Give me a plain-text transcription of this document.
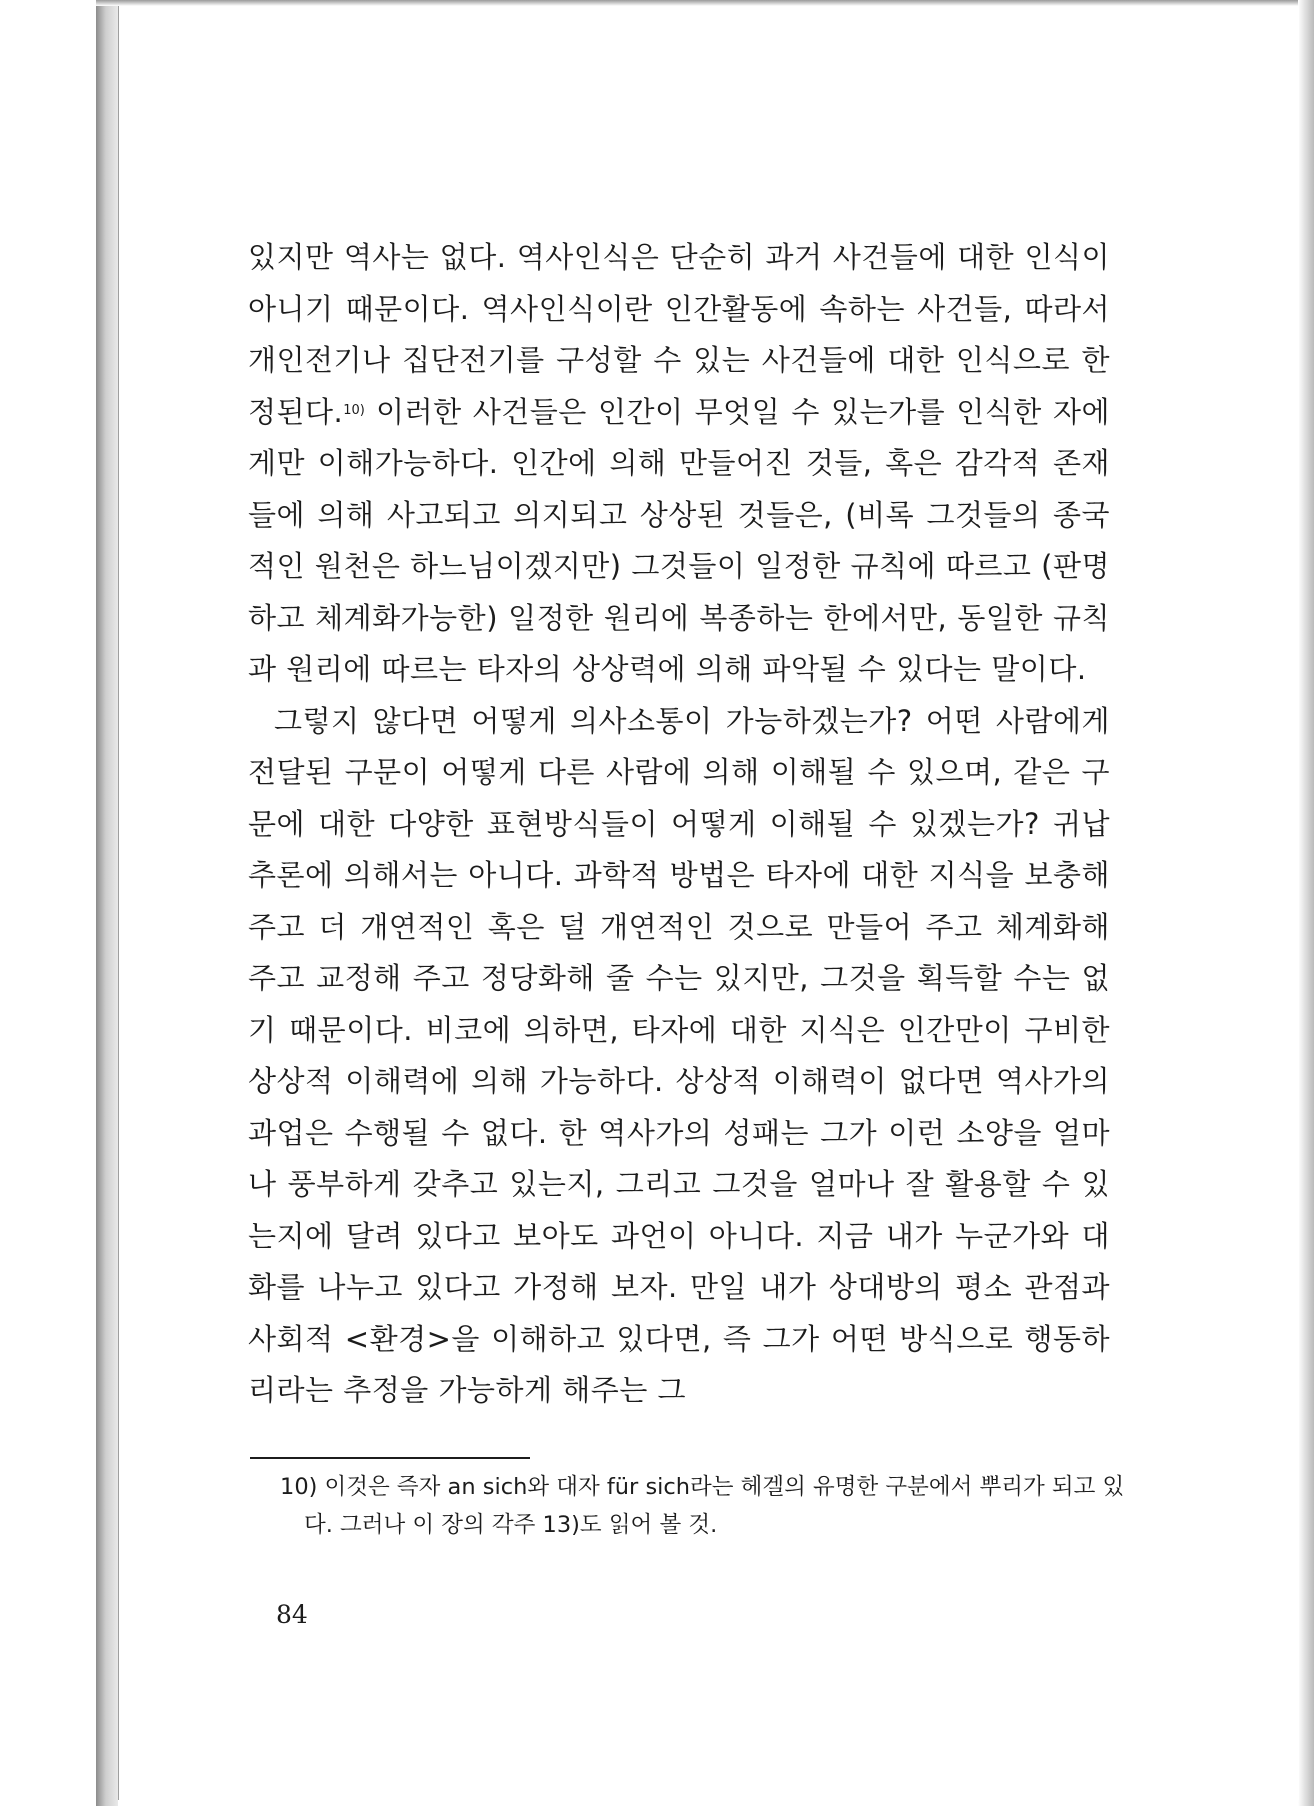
있지만 역사는 없다. 역사인식은 단순히 과거 사건들에 대한 인식이 아니기 때문이다. 역사인식이란 인간활동에 속하는 사건들, 따라서 개인전기나 집단전기를 구성할 수 있는 사건들에 대한 인식으로 한정된다.$^{10)}$ 이러한 사건들은 인간이 무엇일 수 있는가를 인식한 자에게만 이해가능하다. 인간에 의해 만들어진 것들, 혹은 감각적 존재들에 의해 사고되고 의지되고 상상된 것들은, (비록 그것들의 종국적인 원천은 하느님이겠지만) 그것들이 일정한 규칙에 따르고 (판명하고 체계화가능한) 일정한 원리에 복종하는 한에서만, 동일한 규칙과 원리에 따르는 타자의 상상력에 의해 파악될 수 있다는 말이다.

그렇지 않다면 어떻게 의사소통이 가능하겠는가? 어떤 사람에게 전달된 구문이 어떻게 다른 사람에 의해 이해될 수 있으며, 같은 구문에 대한 다양한 표현방식들이 어떻게 이해될 수 있겠는가? 귀납추론에 의해서는 아니다. 과학적 방법은 타자에 대한 지식을 보충해 주고 더 개연적인 혹은 덜 개연적인 것으로 만들어 주고 체계화해 주고 교정해 주고 정당화해 줄 수는 있지만, 그것을 획득할 수는 없기 때문이다. 비코에 의하면, 타자에 대한 지식은 인간만이 구비한 상상적 이해력에 의해 가능하다. 상상적 이해력이 없다면 역사가의 과업은 수행될 수 없다. 한 역사가의 성패는 그가 이런 소양을 얼마나 풍부하게 갖추고 있는지, 그리고 그것을 얼마나 잘 활용할 수 있는지에 달려 있다고 보아도 과언이 아니다. 지금 내가 누군가와 대화를 나누고 있다고 가정해 보자. 만일 내가 상대방의 평소 관점과 사회적 <환경>을 이해하고 있다면, 즉 그가 어떤 방식으로 행동하리라는 추정을 가능하게 해주는 그

10) 이것은 즉자 an sich와 대자 für sich라는 헤겔의 유명한 구분에서 뿌리가 되고 있다. 그러나 이 장의 각주 13)도 읽어 볼 것.
84
